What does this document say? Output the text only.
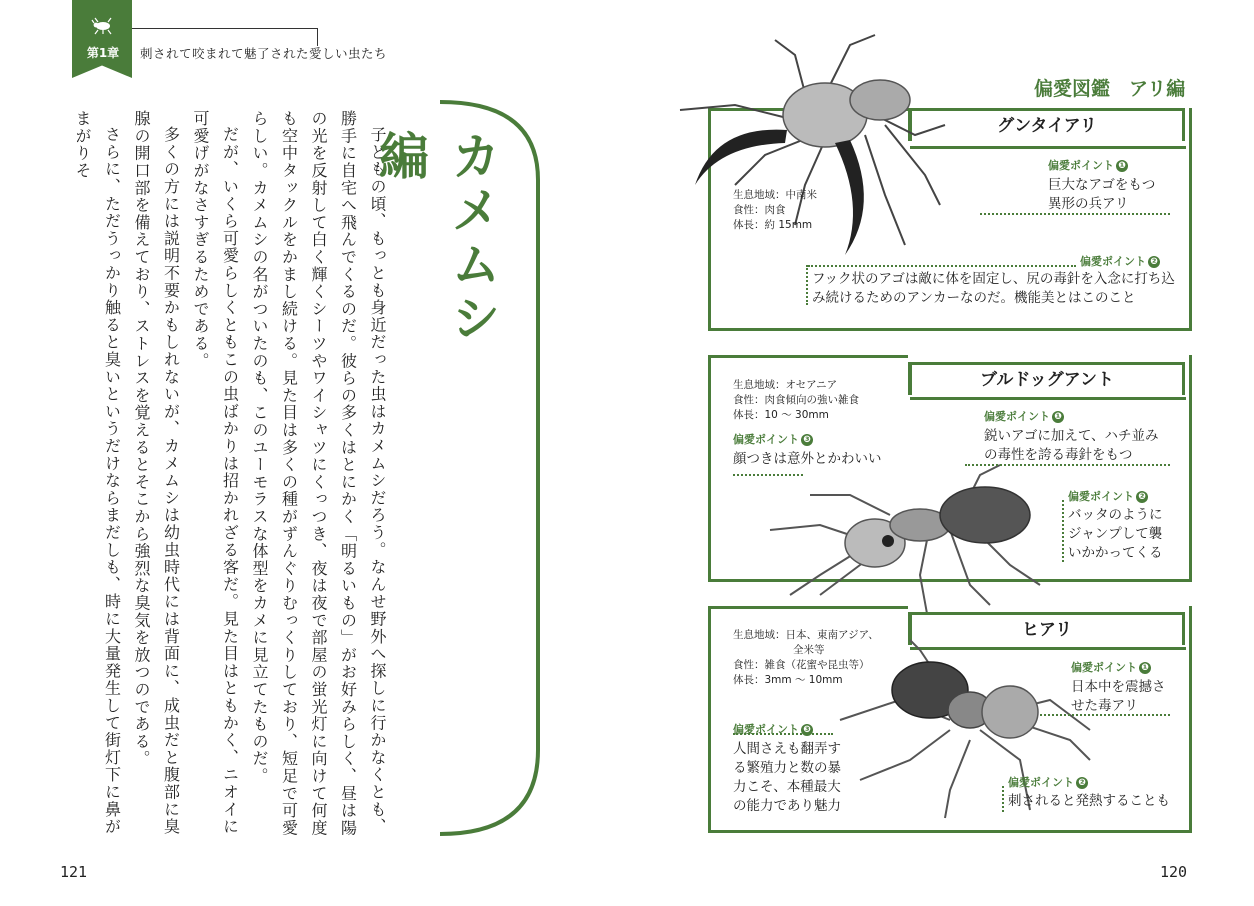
第1章	刺されて咬まれて魅了された愛しい虫たち

子どもの頃、もっとも身近だった虫はカメムシだろう。なんせ野外へ探しに行かなくとも、勝手に自宅へ飛んでくるのだ。彼らの多くはとにかく「明るいもの」がお好みらしく、昼は陽の光を反射して白く輝くシーツやワイシャツにくっつき、夜は夜で部屋の蛍光灯に向けて何度も空中タックルをかまし続ける。見た目は多くの種がずんぐりむっくりしており、短足で可愛らしい。カメムシの名がついたのも、このユーモラスな体型をカメに見立てたものだ。

だが、いくら可愛らしくともこの虫ばかりは招かれざる客だ。見た目はともかく、ニオイに可愛げがなさすぎるためである。

多くの方には説明不要かもしれないが、カメムシは幼虫時代には背面に、成虫だと腹部に臭腺の開口部を備えており、ストレスを覚えるとそこから強烈な臭気を放つのである。

さらに、ただうっかり触ると臭いというだけならまだしも、時に大量発生して街灯下に鼻がまがりそ	カメムシ編
121
偏愛図鑑　アリ編
グンタイアリ
生息地域：中南米
食性：肉食
体長：約 15mm
偏愛ポイント ❶
巨大なアゴをもつ異形の兵アリ
偏愛ポイント ❷
フック状のアゴは敵に体を固定し、尻の毒針を入念に打ち込み続けるためのアンカーなのだ。機能美とはこのこと
ブルドッグアント
生息地域：オセアニア
食性：肉食傾向の強い雑食
体長：10 ～ 30mm	偏愛ポイント ❶
鋭いアゴに加えて、ハチ並みの毒性を誇る毒針をもつ
偏愛ポイント ❸
顔つきは意外とかわいい
偏愛ポイント ❷
バッタのようにジャンプして襲いかかってくる
ヒアリ
生息地域：日本、東南アジア、
全米等
食性：雑食（花蜜や昆虫等）
体長：3mm ～ 10mm
偏愛ポイント ❶
日本中を震撼させた毒アリ
偏愛ポイント ❸
人間さえも翻弄する繁殖力と数の暴力こそ、本種最大の能力であり魅力
偏愛ポイント ❷
刺されると発熱することも
120
